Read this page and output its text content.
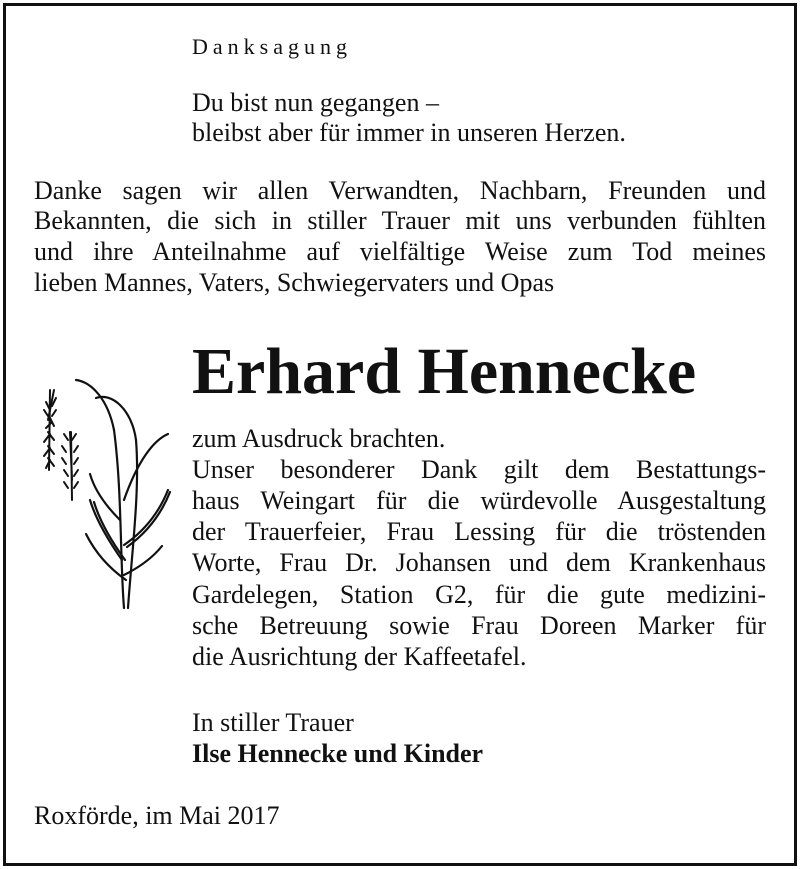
Danksagung
Du bist nun gegangen –
bleibst aber für immer in unseren Herzen.
Danke sagen wir allen Verwandten, Nachbarn, Freunden und
Bekannten, die sich in stiller Trauer mit uns verbunden fühlten
und ihre Anteilnahme auf vielfältige Weise zum Tod meines
lieben Mannes, Vaters, Schwiegervaters und Opas
Erhard Hennecke
zum Ausdruck brachten.
Unser besonderer Dank gilt dem Bestattungs-
haus Weingart für die würdevolle Ausgestaltung
der Trauerfeier, Frau Lessing für die tröstenden
Worte, Frau Dr. Johansen und dem Krankenhaus
Gardelegen, Station G2, für die gute medizini-
sche Betreuung sowie Frau Doreen Marker für
die Ausrichtung der Kaffeetafel.
In stiller Trauer
Ilse Hennecke und Kinder
Roxförde, im Mai 2017
